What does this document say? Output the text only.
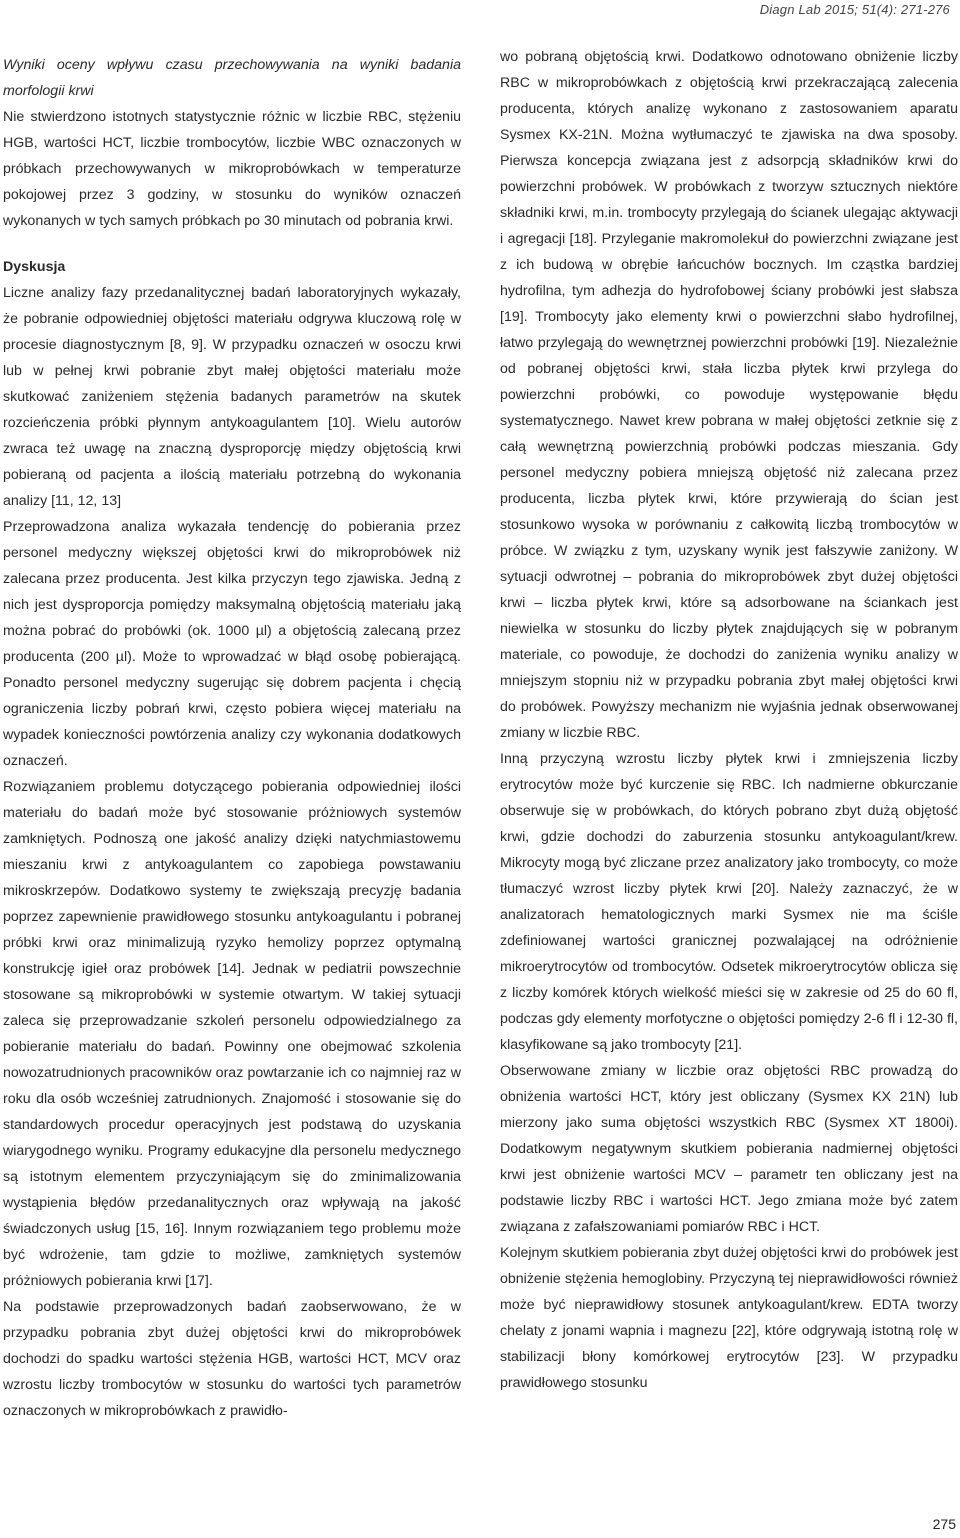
Diagn Lab 2015; 51(4): 271-276

Wyniki oceny wpływu czasu przechowywania na wyniki badania morfologii krwi

Nie stwierdzono istotnych statystycznie różnic w liczbie RBC, stężeniu HGB, wartości HCT, liczbie trombocytów, liczbie WBC oznaczonych w próbkach przechowywanych w mikroprobówkach w temperaturze pokojowej przez 3 godziny, w stosunku do wyników oznaczeń wykonanych w tych samych próbkach po 30 minutach od pobrania krwi.

Dyskusja

Liczne analizy fazy przedanalitycznej badań laboratoryjnych wykazały, że pobranie odpowiedniej objętości materiału odgrywa kluczową rolę w procesie diagnostycznym [8, 9]. W przypadku oznaczeń w osoczu krwi lub w pełnej krwi pobranie zbyt małej objętości materiału może skutkować zaniżeniem stężenia badanych parametrów na skutek rozcieńczenia próbki płynnym antykoagulantem [10]. Wielu autorów zwraca też uwagę na znaczną dysproporcję między objętością krwi pobieraną od pacjenta a ilością materiału potrzebną do wykonania analizy [11, 12, 13]

Przeprowadzona analiza wykazała tendencję do pobierania przez personel medyczny większej objętości krwi do mikroprobówek niż zalecana przez producenta. Jest kilka przyczyn tego zjawiska. Jedną z nich jest dysproporcja pomiędzy maksymalną objętością materiału jaką można pobrać do probówki (ok. 1000 µl) a objętością zalecaną przez producenta (200 µl). Może to wprowadzać w błąd osobę pobierającą. Ponadto personel medyczny sugerując się dobrem pacjenta i chęcią ograniczenia liczby pobrań krwi, często pobiera więcej materiału na wypadek konieczności powtórzenia analizy czy wykonania dodatkowych oznaczeń.

Rozwiązaniem problemu dotyczącego pobierania odpowiedniej ilości materiału do badań może być stosowanie próżniowych systemów zamkniętych. Podnoszą one jakość analizy dzięki natychmiastowemu mieszaniu krwi z antykoagulantem co zapobiega powstawaniu mikroskrzepów. Dodatkowo systemy te zwiększają precyzję badania poprzez zapewnienie prawidłowego stosunku antykoagulantu i pobranej próbki krwi oraz minimalizują ryzyko hemolizy poprzez optymalną konstrukcję igieł oraz probówek [14]. Jednak w pediatrii powszechnie stosowane są mikroprobówki w systemie otwartym. W takiej sytuacji zaleca się przeprowadzanie szkoleń personelu odpowiedzialnego za pobieranie materiału do badań. Powinny one obejmować szkolenia nowozatrudnionych pracowników oraz powtarzanie ich co najmniej raz w roku dla osób wcześniej zatrudnionych. Znajomość i stosowanie się do standardowych procedur operacyjnych jest podstawą do uzyskania wiarygodnego wyniku. Programy edukacyjne dla personelu medycznego są istotnym elementem przyczyniającym się do zminimalizowania wystąpienia błędów przedanalitycznych oraz wpływają na jakość świadczonych usług [15, 16]. Innym rozwiązaniem tego problemu może być wdrożenie, tam gdzie to możliwe, zamkniętych systemów próżniowych pobierania krwi [17].

Na podstawie przeprowadzonych badań zaobserwowano, że w przypadku pobrania zbyt dużej objętości krwi do mikroprobówek dochodzi do spadku wartości stężenia HGB, wartości HCT, MCV oraz wzrostu liczby trombocytów w stosunku do wartości tych parametrów oznaczonych w mikroprobówkach z prawidło-

wo pobraną objętością krwi. Dodatkowo odnotowano obniżenie liczby RBC w mikroprobówkach z objętością krwi przekraczającą zalecenia producenta, których analizę wykonano z zastosowaniem aparatu Sysmex KX-21N. Można wytłumaczyć te zjawiska na dwa sposoby. Pierwsza koncepcja związana jest z adsorpcją składników krwi do powierzchni probówek. W probówkach z tworzyw sztucznych niektóre składniki krwi, m.in. trombocyty przylegają do ścianek ulegając aktywacji i agregacji [18]. Przyleganie makromolekuł do powierzchni związane jest z ich budową w obrębie łańcuchów bocznych. Im cząstka bardziej hydrofilna, tym adhezja do hydrofobowej ściany probówki jest słabsza [19]. Trombocyty jako elementy krwi o powierzchni słabo hydrofilnej, łatwo przylegają do wewnętrznej powierzchni probówki [19]. Niezależnie od pobranej objętości krwi, stała liczba płytek krwi przylega do powierzchni probówki, co powoduje występowanie błędu systematycznego. Nawet krew pobrana w małej objętości zetknie się z całą wewnętrzną powierzchnią probówki podczas mieszania. Gdy personel medyczny pobiera mniejszą objętość niż zalecana przez producenta, liczba płytek krwi, które przywierają do ścian jest stosunkowo wysoka w porównaniu z całkowitą liczbą trombocytów w próbce. W związku z tym, uzyskany wynik jest fałszywie zaniżony. W sytuacji odwrotnej – pobrania do mikroprobówek zbyt dużej objętości krwi – liczba płytek krwi, które są adsorbowane na ściankach jest niewielka w stosunku do liczby płytek znajdujących się w pobranym materiale, co powoduje, że dochodzi do zaniżenia wyniku analizy w mniejszym stopniu niż w przypadku pobrania zbyt małej objętości krwi do probówek. Powyższy mechanizm nie wyjaśnia jednak obserwowanej zmiany w liczbie RBC.

Inną przyczyną wzrostu liczby płytek krwi i zmniejszenia liczby erytrocytów może być kurczenie się RBC. Ich nadmierne obkurczanie obserwuje się w probówkach, do których pobrano zbyt dużą objętość krwi, gdzie dochodzi do zaburzenia stosunku antykoagulant/krew. Mikrocyty mogą być zliczane przez analizatory jako trombocyty, co może tłumaczyć wzrost liczby płytek krwi [20]. Należy zaznaczyć, że w analizatorach hematologicznych marki Sysmex nie ma ściśle zdefiniowanej wartości granicznej pozwalającej na odróżnienie mikroerytrocytów od trombocytów. Odsetek mikroerytrocytów oblicza się z liczby komórek których wielkość mieści się w zakresie od 25 do 60 fl, podczas gdy elementy morfotyczne o objętości pomiędzy 2-6 fl i 12-30 fl, klasyfikowane są jako trombocyty [21].

Obserwowane zmiany w liczbie oraz objętości RBC prowadzą do obniżenia wartości HCT, który jest obliczany (Sysmex KX 21N) lub mierzony jako suma objętości wszystkich RBC (Sysmex XT 1800i). Dodatkowym negatywnym skutkiem pobierania nadmiernej objętości krwi jest obniżenie wartości MCV – parametr ten obliczany jest na podstawie liczby RBC i wartości HCT. Jego zmiana może być zatem związana z zafałszowaniami pomiarów RBC i HCT.

Kolejnym skutkiem pobierania zbyt dużej objętości krwi do probówek jest obniżenie stężenia hemoglobiny. Przyczyną tej nieprawidłowości również może być nieprawidłowy stosunek antykoagulant/krew. EDTA tworzy chelaty z jonami wapnia i magnezu [22], które odgrywają istotną rolę w stabilizacji błony komórkowej erytrocytów [23]. W przypadku prawidłowego stosunku

275
